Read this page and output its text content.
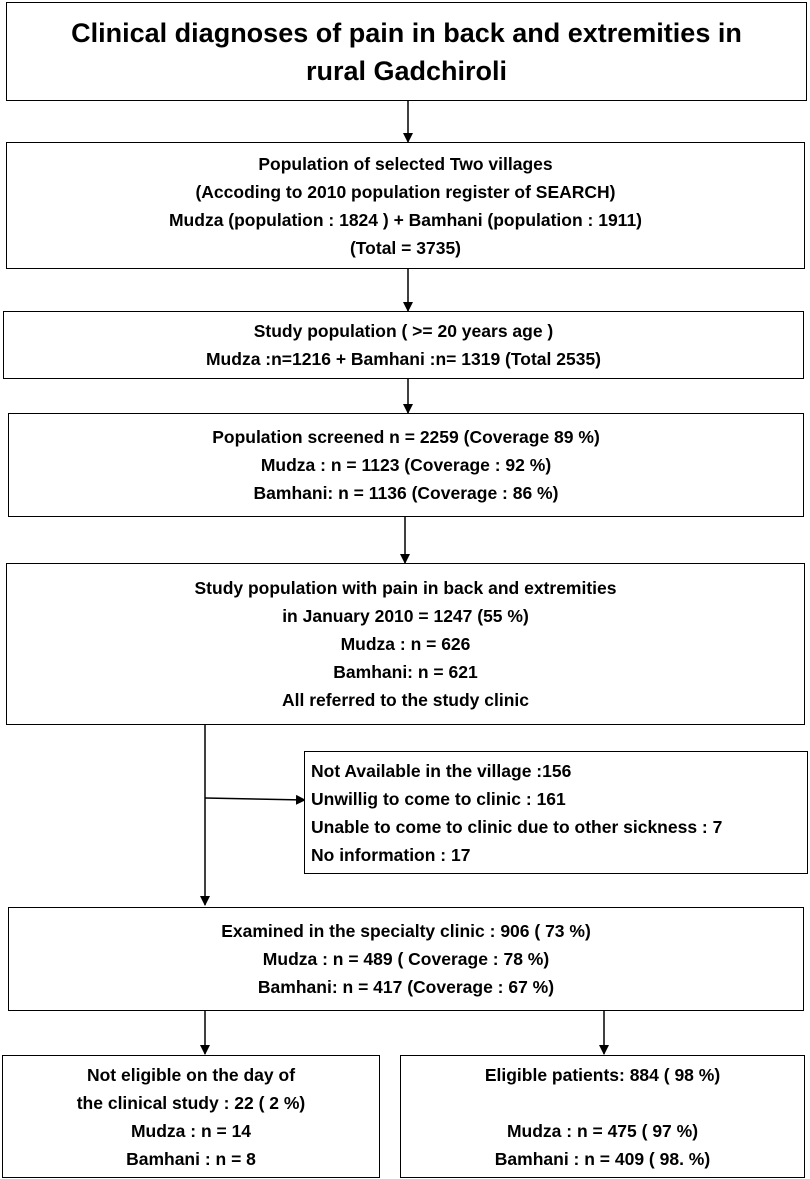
Clinical diagnoses of pain in back and extremities in
rural Gadchiroli
Population of selected Two villages
(Accoding to 2010 population register of SEARCH)
Mudza (population : 1824 ) + Bamhani (population : 1911)
(Total = 3735)
Study population ( >= 20 years age )
Mudza :n=1216 + Bamhani :n= 1319 (Total 2535)
Population screened n = 2259 (Coverage 89 %)
Mudza : n = 1123 (Coverage : 92 %)
Bamhani: n = 1136 (Coverage : 86 %)
Study population with pain in back and extremities
in January 2010 = 1247 (55 %)
Mudza : n = 626
Bamhani: n = 621
All referred to the study clinic
Not Available in the village :156
Unwillig to come to clinic : 161
Unable to come to clinic due to other sickness : 7
No information : 17
Examined in the specialty clinic : 906 ( 73 %)
Mudza : n = 489 ( Coverage : 78 %)
Bamhani: n = 417 (Coverage : 67 %)
Not eligible on the day of
the clinical study : 22 ( 2 %)
Mudza : n = 14
Bamhani : n = 8
Eligible patients: 884 ( 98 %)
Mudza : n = 475 ( 97 %)
Bamhani : n = 409 ( 98. %)
